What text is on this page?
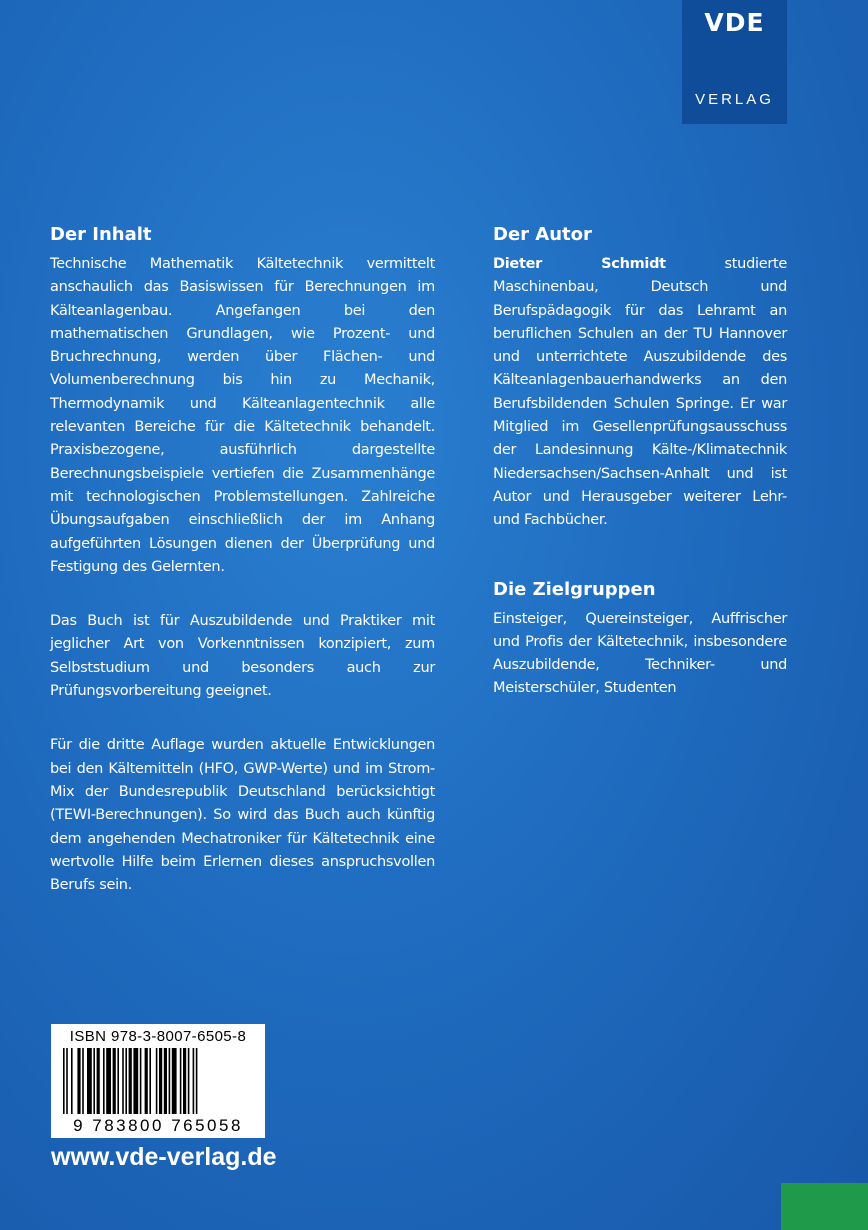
VDE
VERLAG
Der Inhalt

Technische Mathematik Kältetechnik vermittelt anschaulich das Basiswissen für Berechnungen im Kälteanlagenbau. Angefangen bei den mathematischen Grundlagen, wie Prozent- und Bruchrechnung, werden über Flächen- und Volumenberechnung bis hin zu Mechanik, Thermodynamik und Kälteanlagentechnik alle relevanten Bereiche für die Kältetechnik behandelt. Praxisbezogene, ausführlich dargestellte Berechnungsbeispiele vertiefen die Zusammenhänge mit technologischen Problemstellungen. Zahlreiche Übungsaufgaben einschließlich der im Anhang aufgeführten Lösungen dienen der Überprüfung und Festigung des Gelernten.

Das Buch ist für Auszubildende und Praktiker mit jeglicher Art von Vorkenntnissen konzipiert, zum Selbststudium und besonders auch zur Prüfungsvorbereitung geeignet.

Für die dritte Auflage wurden aktuelle Entwicklungen bei den Kältemitteln (HFO, GWP-Werte) und im Strom-Mix der Bundesrepublik Deutschland berücksichtigt (TEWI-Berechnungen). So wird das Buch auch künftig dem angehenden Mechatroniker für Kältetechnik eine wertvolle Hilfe beim Erlernen dieses anspruchsvollen Berufs sein.

Der Autor

Dieter Schmidt studierte Maschinenbau, Deutsch und Berufspädagogik für das Lehramt an beruflichen Schulen an der TU Hannover und unterrichtete Auszubildende des Kälteanlagenbauerhandwerks an den Berufsbildenden Schulen Springe. Er war Mitglied im Gesellenprüfungsausschuss der Landesinnung Kälte-/Klimatechnik Niedersachsen/Sachsen-Anhalt und ist Autor und Herausgeber weiterer Lehr- und Fachbücher.

Die Zielgruppen

Einsteiger, Quereinsteiger, Auffrischer und Profis der Kältetechnik, insbesondere Auszubildende, Techniker- und Meisterschüler, Studenten

ISBN 978-3-8007-6505-8
9 783800 765058
www.vde-verlag.de
